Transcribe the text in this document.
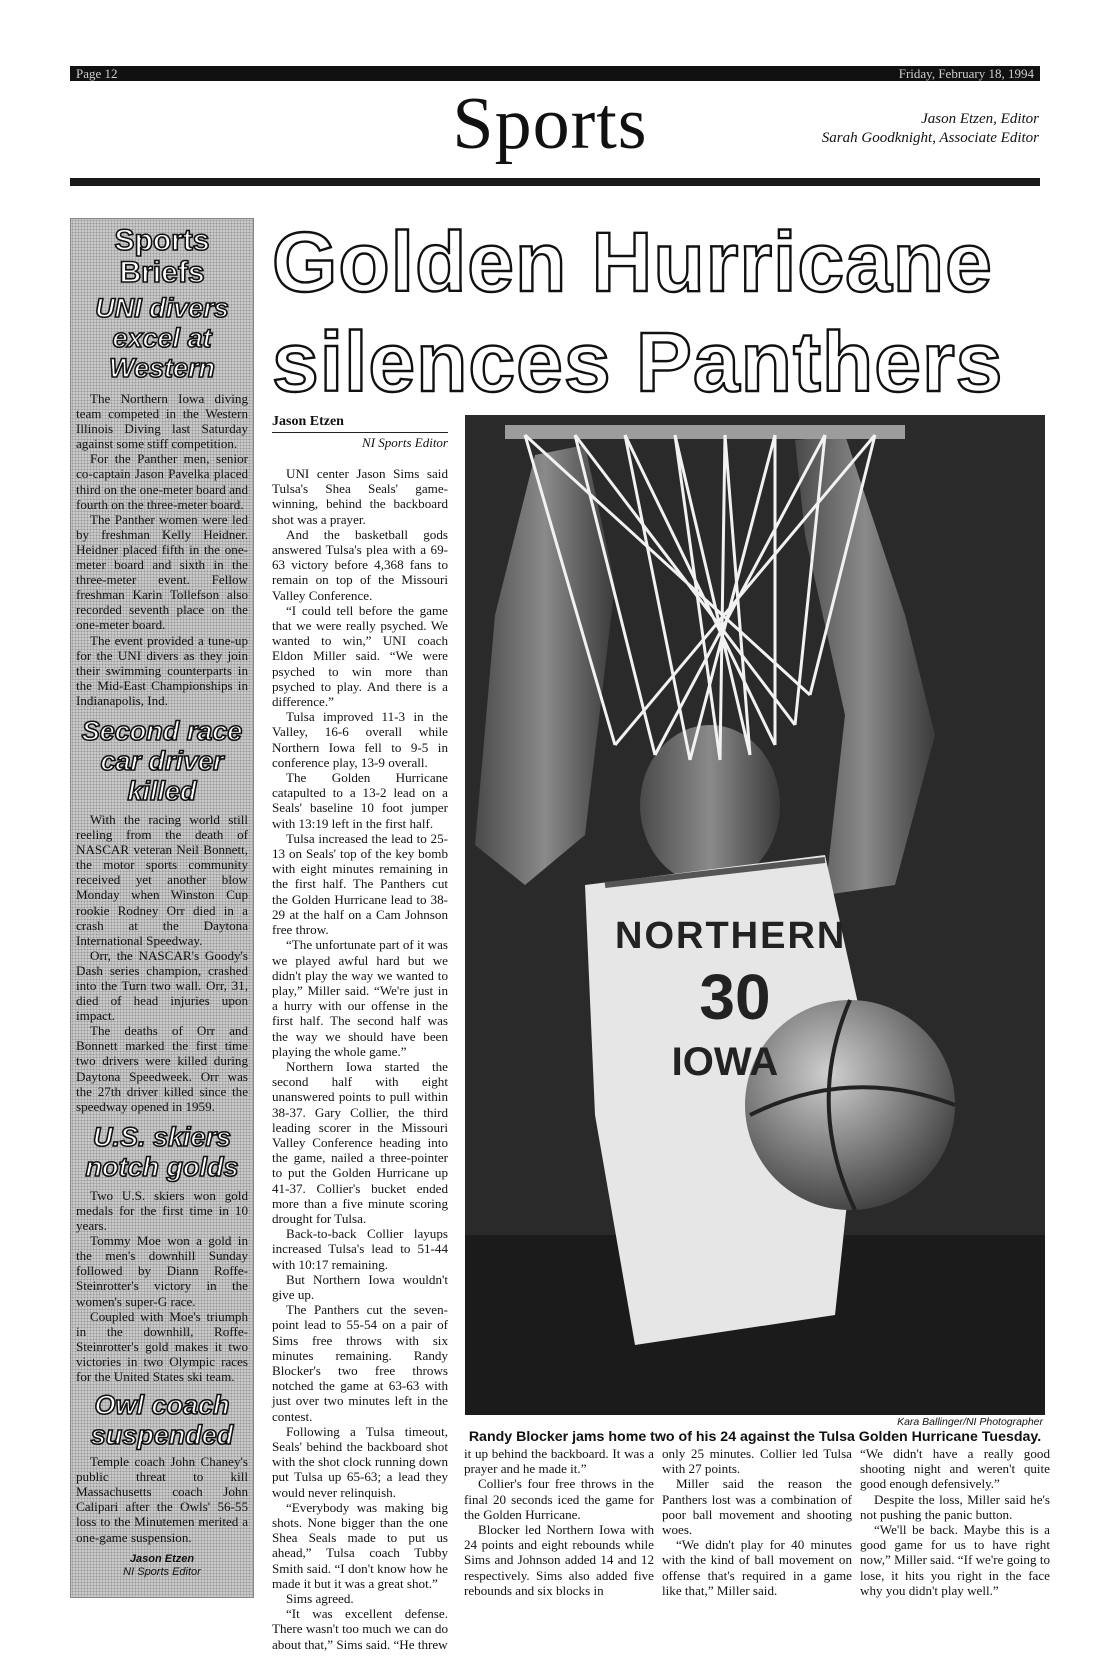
Page 12	Friday, February 18, 1994
Sports	Jason Etzen, Editor
Sarah Goodknight, Associate Editor
Sports Briefs
UNI divers excel at Western

The Northern Iowa diving team competed in the Western Illinois Diving last Saturday against some stiff competition.

For the Panther men, senior co-captain Jason Pavelka placed third on the one-meter board and fourth on the three-meter board.

The Panther women were led by freshman Kelly Heidner. Heidner placed fifth in the one-meter board and sixth in the three-meter event. Fellow freshman Karin Tollefson also recorded seventh place on the one-meter board.

The event provided a tune-up for the UNI divers as they join their swimming counterparts in the Mid-East Championships in Indianapolis, Ind.

Second race car driver killed

With the racing world still reeling from the death of NASCAR veteran Neil Bonnett, the motor sports community received yet another blow Monday when Winston Cup rookie Rodney Orr died in a crash at the Daytona International Speedway.

Orr, the NASCAR's Goody's Dash series champion, crashed into the Turn two wall. Orr, 31, died of head injuries upon impact.

The deaths of Orr and Bonnett marked the first time two drivers were killed during Daytona Speedweek. Orr was the 27th driver killed since the speedway opened in 1959.

U.S. skiers notch golds

Two U.S. skiers won gold medals for the first time in 10 years.

Tommy Moe won a gold in the men's downhill Sunday followed by Diann Roffe-Steinrotter's victory in the women's super-G race.

Coupled with Moe's triumph in the downhill, Roffe-Steinrotter's gold makes it two victories in two Olympic races for the United States ski team.

Owl coach suspended

Temple coach John Chaney's public threat to kill Massachusetts coach John Calipari after the Owls' 56-55 loss to the Minutemen merited a one-game suspension.

Jason Etzen
NI Sports Editor
Golden Hurricane
silences Panthers
Jason Etzen
NI Sports Editor

UNI center Jason Sims said Tulsa's Shea Seals' game-winning, behind the backboard shot was a prayer.

And the basketball gods answered Tulsa's plea with a 69-63 victory before 4,368 fans to remain on top of the Missouri Valley Conference.

“I could tell before the game that we were really psyched. We wanted to win,” UNI coach Eldon Miller said. “We were psyched to win more than psyched to play. And there is a difference.”

Tulsa improved 11-3 in the Valley, 16-6 overall while Northern Iowa fell to 9-5 in conference play, 13-9 overall.

The Golden Hurricane catapulted to a 13-2 lead on a Seals' baseline 10 foot jumper with 13:19 left in the first half.

Tulsa increased the lead to 25-13 on Seals' top of the key bomb with eight minutes remaining in the first half. The Panthers cut the Golden Hurricane lead to 38-29 at the half on a Cam Johnson free throw.

“The unfortunate part of it was we played awful hard but we didn't play the way we wanted to play,” Miller said. “We're just in a hurry with our offense in the first half. The second half was the way we should have been playing the whole game.”

Northern Iowa started the second half with eight unanswered points to pull within 38-37. Gary Collier, the third leading scorer in the Missouri Valley Conference heading into the game, nailed a three-pointer to put the Golden Hurricane up 41-37. Collier's bucket ended more than a five minute scoring drought for Tulsa.

Back-to-back Collier layups increased Tulsa's lead to 51-44 with 10:17 remaining.

But Northern Iowa wouldn't give up.

The Panthers cut the seven-point lead to 55-54 on a pair of Sims free throws with six minutes remaining. Randy Blocker's two free throws notched the game at 63-63 with just over two minutes left in the contest.

Following a Tulsa timeout, Seals' behind the backboard shot with the shot clock running down put Tulsa up 65-63; a lead they would never relinquish.

“Everybody was making big shots. None bigger than the one Shea Seals made to put us ahead,” Tulsa coach Tubby Smith said. “I don't know how he made it but it was a great shot.”

Sims agreed.

“It was excellent defense. There wasn't too much we can do about that,” Sims said. “He threw

NORTHERN
30
IOWA
Kara Ballinger/NI Photographer
Randy Blocker jams home two of his 24 against the Tulsa Golden Hurricane Tuesday.

it up behind the backboard. It was a prayer and he made it.”

Collier's four free throws in the final 20 seconds iced the game for the Golden Hurricane.

Blocker led Northern Iowa with 24 points and eight rebounds while Sims and Johnson added 14 and 12 respectively. Sims also added five rebounds and six blocks in

only 25 minutes. Collier led Tulsa with 27 points.

Miller said the reason the Panthers lost was a combination of poor ball movement and shooting woes.

“We didn't play for 40 minutes with the kind of ball movement on offense that's required in a game like that,” Miller said.

“We didn't have a really good shooting night and weren't quite good enough defensively.”

Despite the loss, Miller said he's not pushing the panic button.

“We'll be back. Maybe this is a good game for us to have right now,” Miller said. “If we're going to lose, it hits you right in the face why you didn't play well.”
